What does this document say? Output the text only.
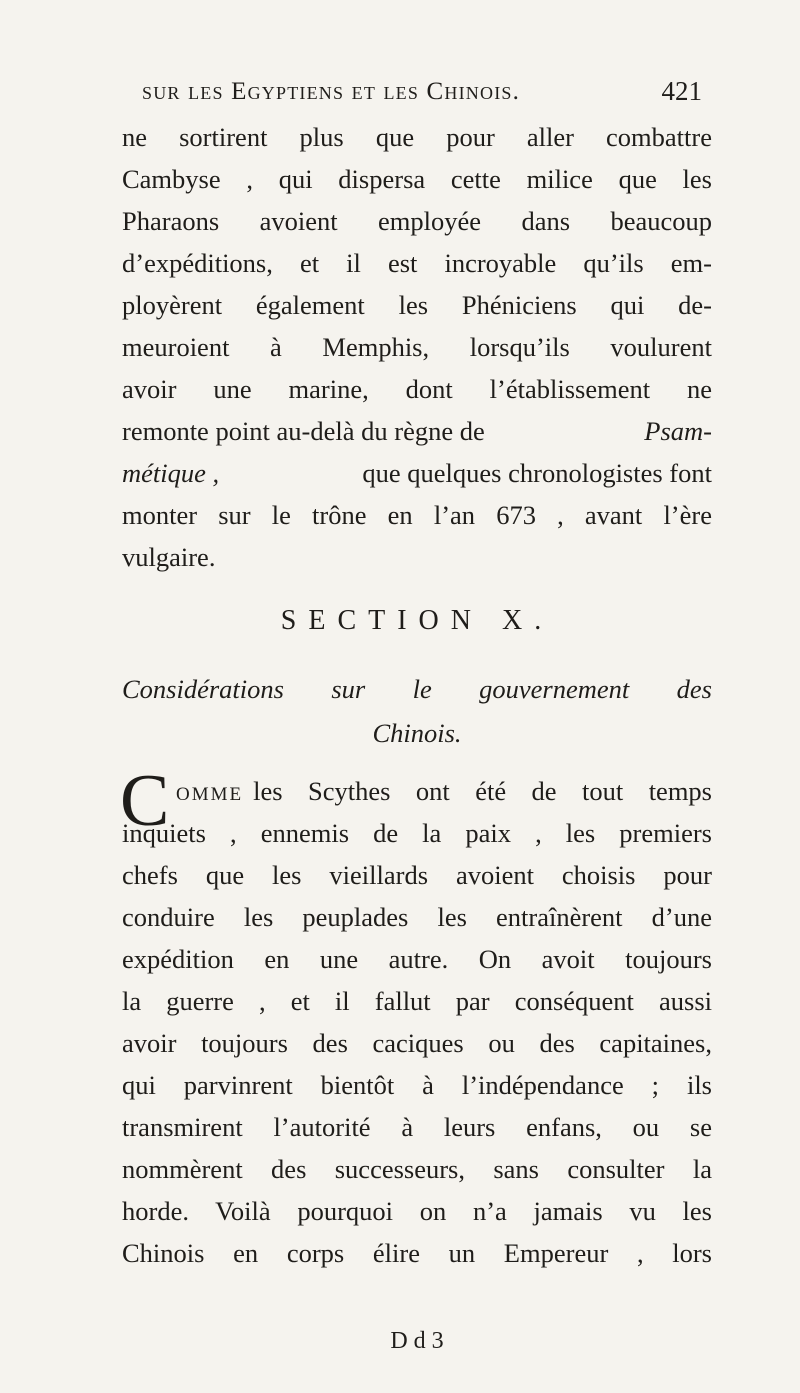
sur les Egyptiens et les Chinois.	421
ne sortirent plus que pour aller combattre
Cambyse , qui dispersa cette milice que les
Pharaons avoient employée dans beaucoup
d’expéditions, et il est incroyable qu’ils em-
ployèrent également les Phéniciens qui de-
meuroient à Memphis, lorsqu’ils voulurent
avoir une marine, dont l’établissement ne
remonte point au-delà du règne de	Psam-
métique ,	que quelques chronologistes font
monter sur le trône en l’an 673 , avant l’ère
vulgaire.
SECTION X.
Considérations sur le gouvernement des
Chinois.
C omme les Scythes ont été de tout temps
inquiets , ennemis de la paix , les premiers
chefs que les vieillards avoient choisis pour
conduire les peuplades les entraînèrent d’une
expédition en une autre. On avoit toujours
la guerre , et il fallut par conséquent aussi
avoir toujours des caciques ou des capitaines,
qui parvinrent bientôt à l’indépendance ; ils
transmirent l’autorité à leurs enfans, ou se
nommèrent des successeurs, sans consulter la
horde. Voilà pourquoi on n’a jamais vu les
Chinois en corps élire un Empereur , lors
D d 3
